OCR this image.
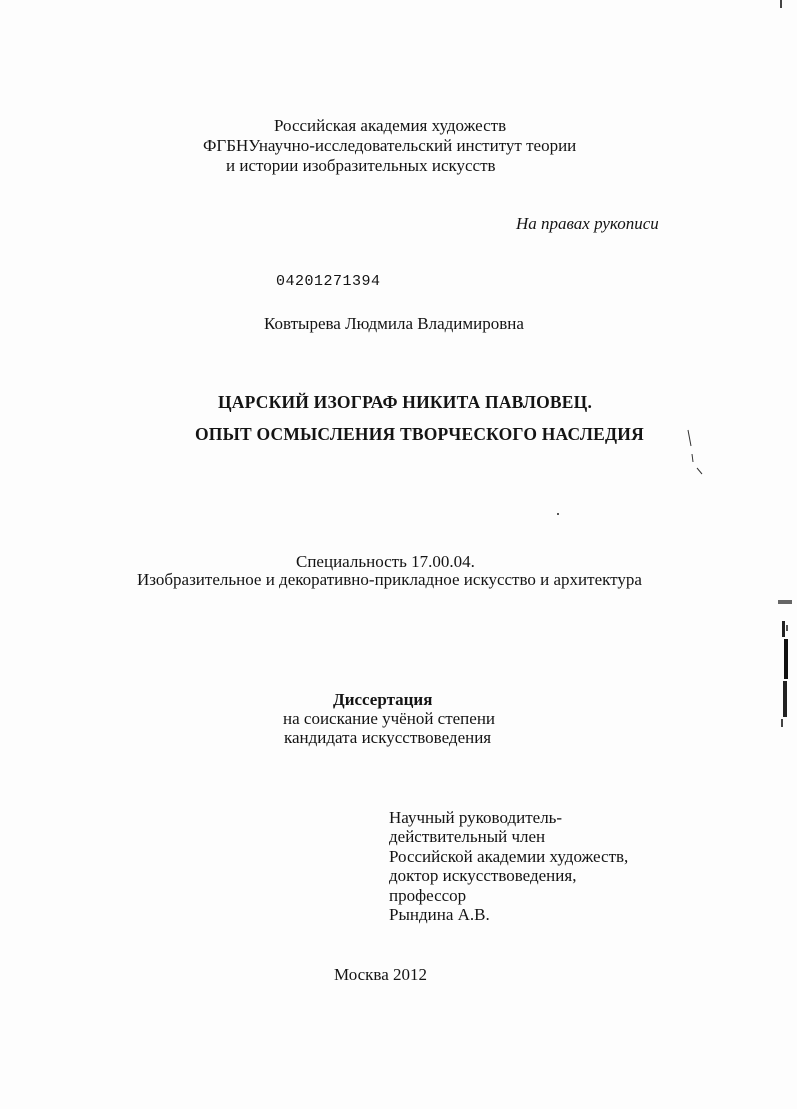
Российская академия художеств
ФГБНУнаучно-исследовательский институт теории
и истории изобразительных искусств
На правах рукописи
04201271394
Ковтырева Людмила Владимировна
ЦАРСКИЙ ИЗОГРАФ НИКИТА ПАВЛОВЕЦ.
ОПЫТ ОСМЫСЛЕНИЯ ТВОРЧЕСКОГО НАСЛЕДИЯ
Специальность 17.00.04.
Изобразительное и декоративно-прикладное искусство и архитектура
Диссертация
на соискание учёной степени
кандидата искусствоведения
Научный руководитель-
действительный член
Российской академии художеств,
доктор искусствоведения,
профессор
Рындина А.В.
Москва 2012
